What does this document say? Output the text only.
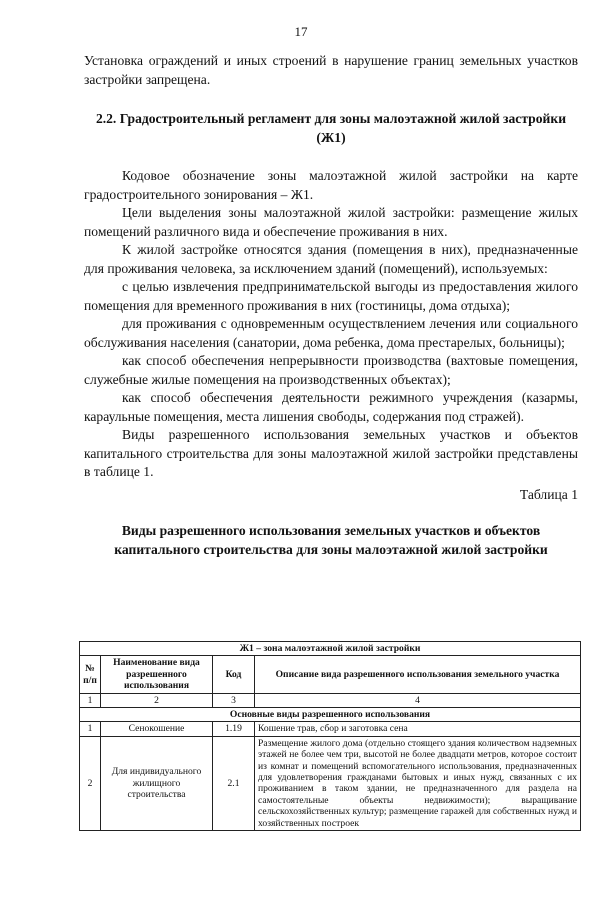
17

Установка ограждений и иных строений в нарушение границ земельных участков застройки запрещена.

2.2. Градостроительный регламент для зоны малоэтажной жилой застройки (Ж1)

Кодовое обозначение зоны малоэтажной жилой застройки на карте градостроительного зонирования – Ж1.

Цели выделения зоны малоэтажной жилой застройки: размещение жилых помещений различного вида и обеспечение проживания в них.

К жилой застройке относятся здания (помещения в них), предназначенные для проживания человека, за исключением зданий (помещений), используемых:

с целью извлечения предпринимательской выгоды из предоставления жилого помещения для временного проживания в них (гостиницы, дома отдыха);

для проживания с одновременным осуществлением лечения или социального обслуживания населения (санатории, дома ребенка, дома престарелых, больницы);

как способ обеспечения непрерывности производства (вахтовые помещения, служебные жилые помещения на производственных объектах);

как способ обеспечения деятельности режимного учреждения (казармы, караульные помещения, места лишения свободы, содержания под стражей).

Виды разрешенного использования земельных участков и объектов капитального строительства для зоны малоэтажной жилой застройки представлены в таблице 1.

Таблица 1
Виды разрешенного использования земельных участков и объектов капитального строительства для зоны малоэтажной жилой застройки
Ж1 – зона малоэтажной жилой застройки			
№ п/п	Наименование вида разрешенного использования	Код	Описание вида разрешенного использования земельного участка
1	2	3	4
Основные виды разрешенного использования			
1	Сенокошение	1.19	Кошение трав, сбор и заготовка сена
2	Для индивидуального жилищного строительства	2.1	Размещение жилого дома (отдельно стоящего здания количеством надземных этажей не более чем три, высотой не более двадцати метров, которое состоит из комнат и помещений вспомогательного использования, предназначенных для удовлетворения гражданами бытовых и иных нужд, связанных с их проживанием в таком здании, не предназначенного для раздела на самостоятельные объекты недвижимости); выращивание сельскохозяйственных культур; размещение гаражей для собственных нужд и хозяйственных построек
